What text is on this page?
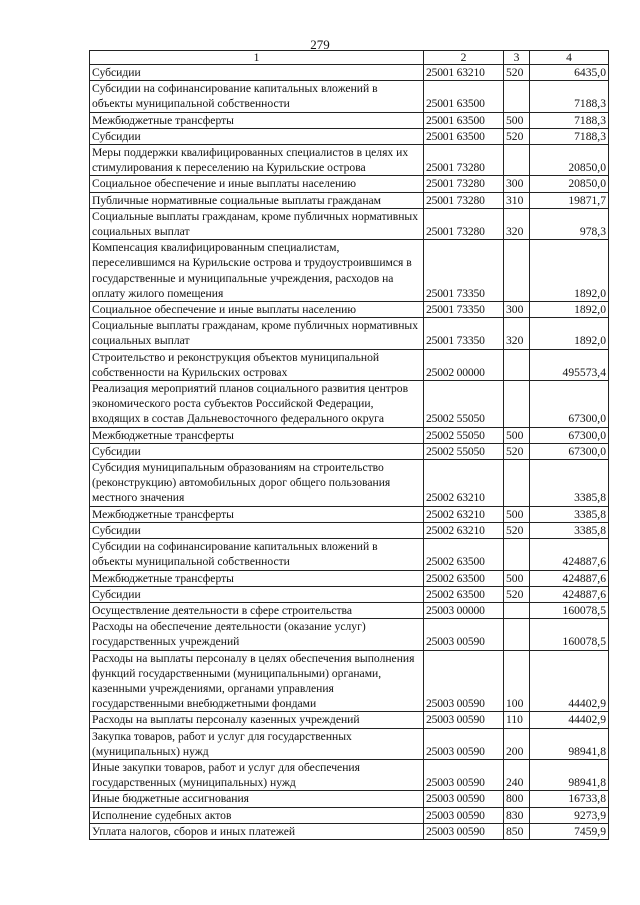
279
1	2	3	4
Субсидии	25001 63210	520	6435,0
Субсидии на софинансирование капитальных вложений в объекты муниципальной собственности	25001 63500		7188,3
Межбюджетные трансферты	25001 63500	500	7188,3
Субсидии	25001 63500	520	7188,3
Меры поддержки квалифицированных специалистов в целях их стимулирования к переселению на Курильские острова	25001 73280		20850,0
Социальное обеспечение и иные выплаты населению	25001 73280	300	20850,0
Публичные нормативные социальные выплаты гражданам	25001 73280	310	19871,7
Социальные выплаты гражданам, кроме публичных нормативных социальных выплат	25001 73280	320	978,3
Компенсация квалифицированным специалистам, переселившимся на Курильские острова и трудоустроившимся в государственные и муниципальные учреждения, расходов на оплату жилого помещения	25001 73350		1892,0
Социальное обеспечение и иные выплаты населению	25001 73350	300	1892,0
Социальные выплаты гражданам, кроме публичных нормативных социальных выплат	25001 73350	320	1892,0
Строительство и реконструкция объектов муниципальной собственности на Курильских островах	25002 00000		495573,4
Реализация мероприятий планов социального развития центров экономического роста субъектов Российской Федерации, входящих в состав Дальневосточного федерального округа	25002 55050		67300,0
Межбюджетные трансферты	25002 55050	500	67300,0
Субсидии	25002 55050	520	67300,0
Субсидия муниципальным образованиям на строительство (реконструкцию) автомобильных дорог общего пользования местного значения	25002 63210		3385,8
Межбюджетные трансферты	25002 63210	500	3385,8
Субсидии	25002 63210	520	3385,8
Субсидии на софинансирование капитальных вложений в объекты муниципальной собственности	25002 63500		424887,6
Межбюджетные трансферты	25002 63500	500	424887,6
Субсидии	25002 63500	520	424887,6
Осуществление деятельности в сфере строительства	25003 00000		160078,5
Расходы на обеспечение деятельности (оказание услуг) государственных учреждений	25003 00590		160078,5
Расходы на выплаты персоналу в целях обеспечения выполнения функций государственными (муниципальными) органами, казенными учреждениями, органами управления государственными внебюджетными фондами	25003 00590	100	44402,9
Расходы на выплаты персоналу казенных учреждений	25003 00590	110	44402,9
Закупка товаров, работ и услуг для государственных (муниципальных) нужд	25003 00590	200	98941,8
Иные закупки товаров, работ и услуг для обеспечения государственных (муниципальных) нужд	25003 00590	240	98941,8
Иные бюджетные ассигнования	25003 00590	800	16733,8
Исполнение судебных актов	25003 00590	830	9273,9
Уплата налогов, сборов и иных платежей	25003 00590	850	7459,9
